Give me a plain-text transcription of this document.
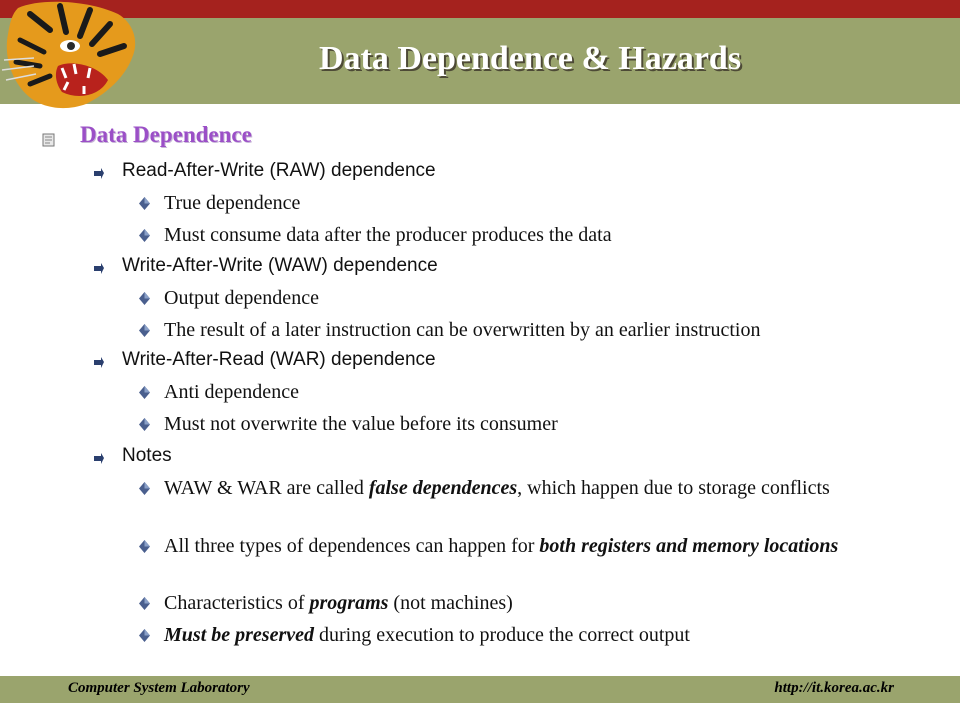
Data Dependence & Hazards
Data Dependence
Read-After-Write (RAW) dependence
True dependence
Must consume data after the producer produces the data
Write-After-Write (WAW) dependence
Output dependence
The result of a later instruction can be overwritten by an earlier instruction
Write-After-Read (WAR) dependence
Anti dependence
Must not overwrite the value before its consumer
Notes
WAW & WAR are called false dependences, which happen due to storage conflicts
All three types of dependences can happen for both registers and memory locations
Characteristics of programs (not machines)
Must be preserved during execution to produce the correct output
Computer System Laboratory	http://it.korea.ac.kr
